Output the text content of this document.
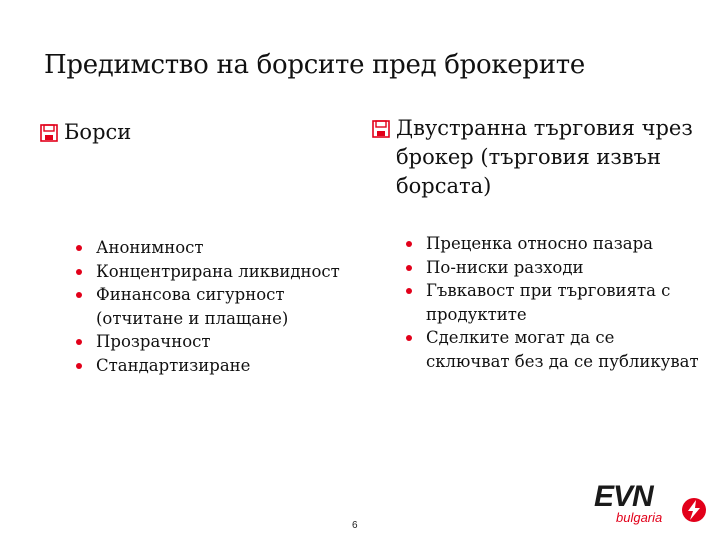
Предимство на борсите пред брокерите
Борси	Двустранна търговия чрез брокер (търговия извън борсата)
Анонимност
Концентрирана ликвидност
Финансова сигурност (отчитане и плащане)
Прозрачност
Стандартизиране
Преценка относно пазара
По-ниски разходи
Гъвкавост при търговията с продуктите
Сделките могат да се сключват без да се публикуват
6
EVN
bulgaria
